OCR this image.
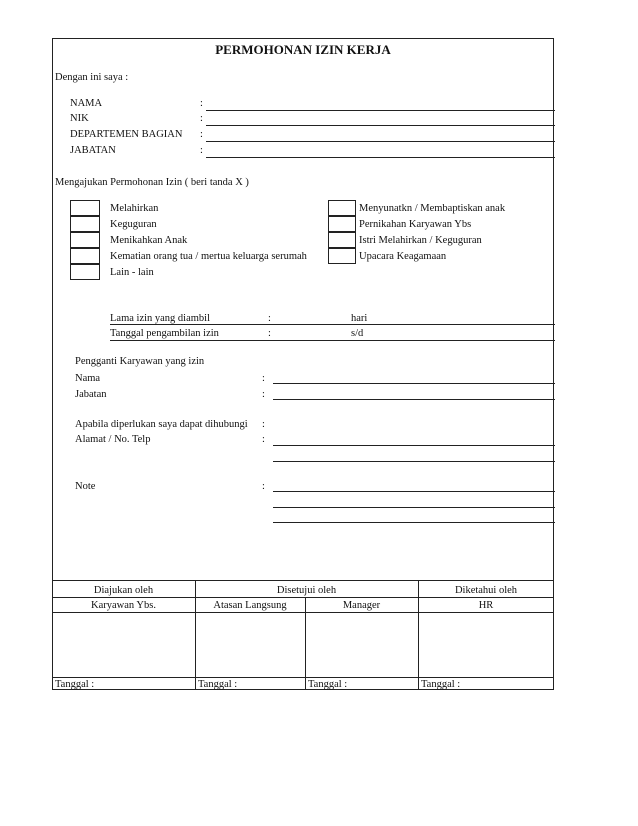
PERMOHONAN IZIN KERJA
Dengan ini saya :
NAMA	:
NIK	:
DEPARTEMEN BAGIAN :
JABATAN	:
Mengajukan Permohonan Izin ( beri tanda X )
Melahirkan
Keguguran
Menikahkan Anak
Kematian orang tua / mertua keluarga serumah
Lain - lain
Menyunatkn / Membaptiskan anak
Pernikahan Karyawan Ybs
Istri Melahirkan / Keguguran
Upacara Keagamaan
Lama izin yang diambil	:	hari
Tanggal pengambilan izin	:	s/d
Pengganti Karyawan yang izin
Nama	:
Jabatan	:
Apabila diperlukan saya dapat dihubungi :
Alamat / No. Telp	:
Note	:
Diajukan oleh	Disetujui oleh	Diketahui oleh
Karyawan Ybs.	Atasan Langsung	Manager	HR
Tanggal :	Tanggal :	Tanggal :	Tanggal :
